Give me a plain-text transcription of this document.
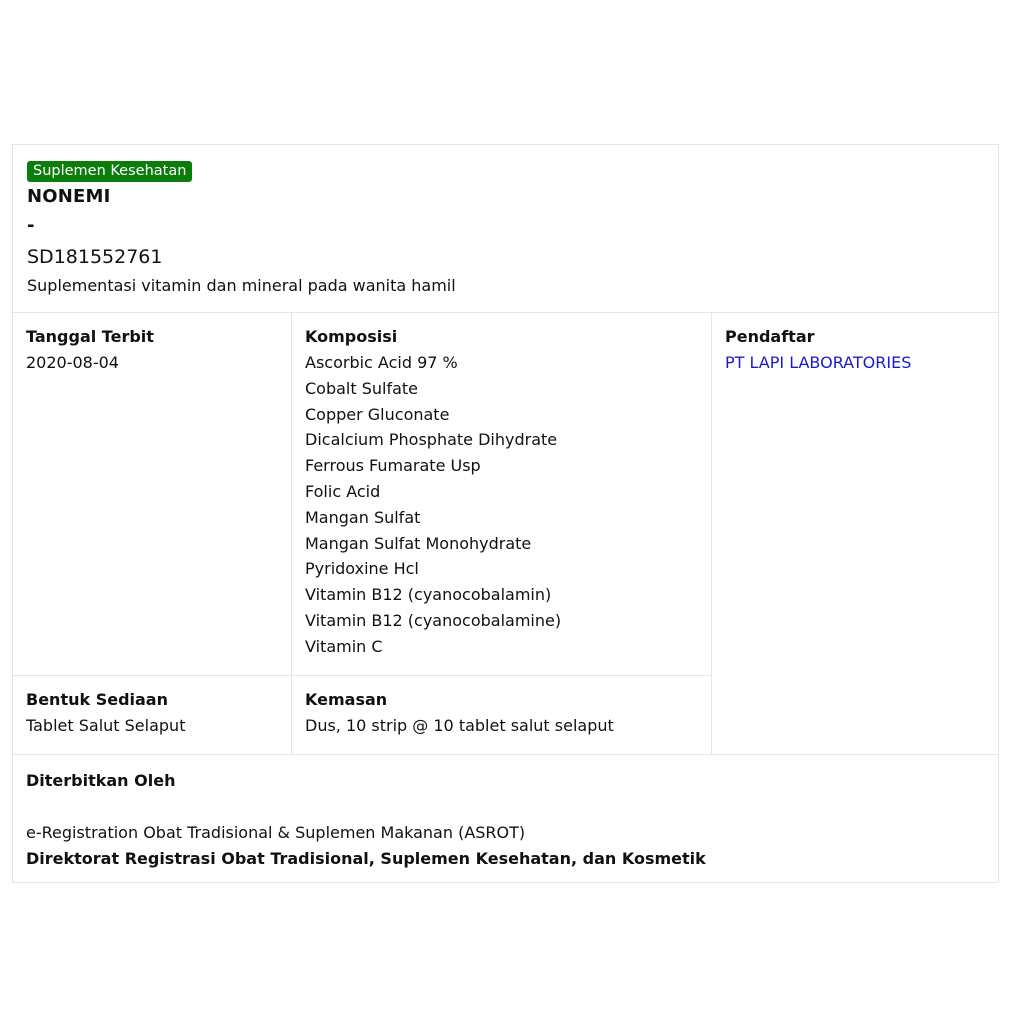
Suplemen Kesehatan
NONEMI
-
SD181552761
Suplementasi vitamin dan mineral pada wanita hamil
Tanggal Terbit
2020-08-04
Komposisi
Ascorbic Acid 97 %
Cobalt Sulfate
Copper Gluconate
Dicalcium Phosphate Dihydrate
Ferrous Fumarate Usp
Folic Acid
Mangan Sulfat
Mangan Sulfat Monohydrate
Pyridoxine Hcl
Vitamin B12 (cyanocobalamin)
Vitamin B12 (cyanocobalamine)
Vitamin C
Pendaftar
PT LAPI LABORATORIES
Bentuk Sediaan
Tablet Salut Selaput
Kemasan
Dus, 10 strip @ 10 tablet salut selaput
Diterbitkan Oleh
e-Registration Obat Tradisional & Suplemen Makanan (ASROT)
Direktorat Registrasi Obat Tradisional, Suplemen Kesehatan, dan Kosmetik
